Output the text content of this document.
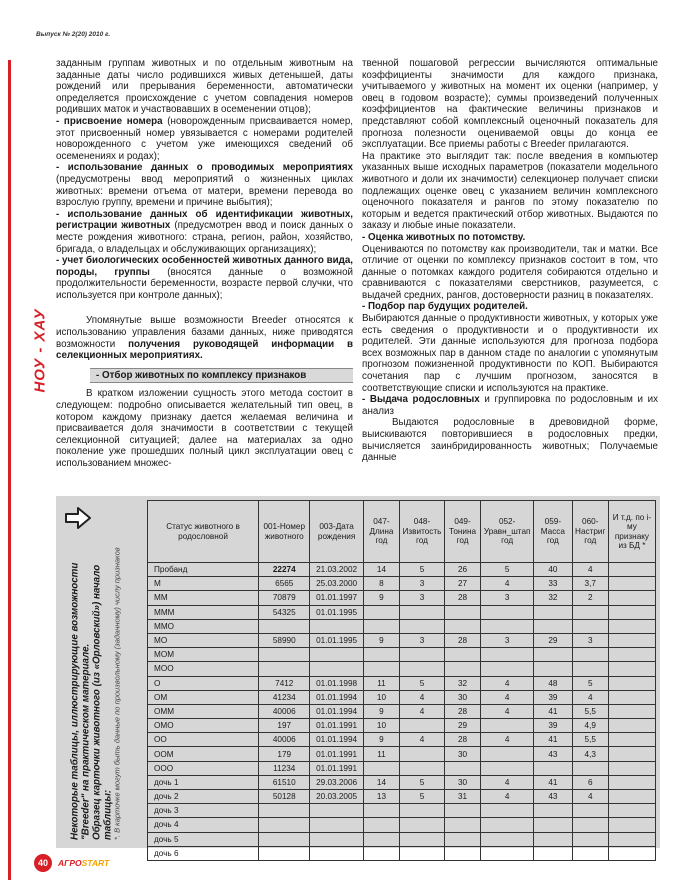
Выпуск № 2(20) 2010 г.
НОУ - ХАУ

заданным группам животных и по отдельным животным на заданные даты число родившихся живых детенышей, даты рождений или прерывания беременности, автоматически определяется происхождение с учетом совпадения номеров родивших маток и участвовавших в осеменении отцов);

- присвоение номера (новорожденным присваивается номер, этот присвоенный номер увязывается с номерами родителей новорожденного с учетом уже имеющихся сведений об осеменениях и родах);

- использование данных о проводимых мероприятиях (предусмотрены ввод мероприятий о жизненных циклах животных: времени отъема от матери, времени перевода во взрослую группу, времени и причине выбытия);

- использование данных об идентификации животных, регистрации животных (предусмотрен ввод и поиск данных о месте рождения животного: страна, регион, район, хозяйство, бригада, о владельцах и обслуживающих организациях);

- учет биологических особенностей животных данного вида, породы, группы (вносятся данные о возможной продолжительности беременности, возрасте первой случки, что используется при контроле данных);

Упомянутые выше возможности Breeder относятся к использованию управления базами данных, ниже приводятся возможности получения руководящей информации в селекционных мероприятиях.

- Отбор животных по комплексу признаков

В кратком изложении сущность этого метода состоит в следующем: подробно описывается желательный тип овец, в котором каждому признаку дается желаемая величина и присваивается доля значимости в соответствии с текущей селекционной ситуацией; далее на материалах за одно поколение уже прошедших полный цикл эксплуатации овец с использованием множес-

твенной пошаговой регрессии вычисляются оптимальные коэффициенты значимости для каждого признака, учитываемого у животных на момент их оценки (например, у овец в годовом возрасте); суммы произведений полученных коэффициентов на фактические величины признаков и представляют собой комплексный оценочный показатель для прогноза полезности оцениваемой овцы до конца ее эксплуатации. Все приемы работы с Breeder прилагаются.

На практике это выглядит так: после введения в компьютер указанных выше исходных параметров (показатели модельного животного и доли их значимости) селекционер получает списки подлежащих оценке овец с указанием величин комплексного оценочного показателя и рангов по этому показателю по которым и ведется практический отбор животных. Выдаются по заказу и любые иные показатели.

- Оценка животных по потомству.

Оцениваются по потомству как производители, так и матки. Все отличие от оценки по комплексу признаков состоит в том, что данные о потомках каждого родителя собираются отдельно и сравниваются с показателями сверстников, разумеется, с выдачей средних, рангов, достоверности разниц в показателях.

- Подбор пар будущих родителей.

Выбираются данные о продуктивности животных, у которых уже есть сведения о продуктивности и о продуктивности их родителей. Эти данные используются для прогноза подбора всех возможных пар в данном стаде по аналогии с упомянутым прогнозом пожизненной продуктивности по КОП. Выбираются сочетания пар с лучшим прогнозом, заносятся в соответствующие списки и используются на практике.

- Выдача родословных и группировка по родословным и их анализ

Выдаются родословные в древовидной форме, выискиваются повторившиеся в родословных предки, вычисляется заинбридированность животных; Получаемые данные

Некоторые таблицы, иллюстрирующие возможности "Breeder" на практическом материале. Образец карточки животного (из «Орловский») начало таблицы: *. В карточке могут быть данные по произвольному (заданному) числу признаков
Статус животного в родословной	001-Номер животного	003-Дата рождения	047-Длина год	048-Извитость год	049-Тонина год	052-Уравн_штап год	059-Масса год	060-Настриг год	И т.д. по i-му признаку из БД *
Пробанд	22274	21.03.2002	14	5	26	5	40	4	
М	6565	25.03.2000	8	3	27	4	33	3,7	
ММ	70879	01.01.1997	9	3	28	3	32	2	
МММ	54325	01.01.1995							
ММО									
МО	58990	01.01.1995	9	3	28	3	29	3	
МОМ									
МОО									
О	7412	01.01.1998	11	5	32	4	48	5	
ОМ	41234	01.01.1994	10	4	30	4	39	4	
ОММ	40006	01.01.1994	9	4	28	4	41	5,5	
ОМО	197	01.01.1991	10		29		39	4,9	
ОО	40006	01.01.1994	9	4	28	4	41	5,5	
ООМ	179	01.01.1991	11		30		43	4,3	
ООО	11234	01.01.1991							
дочь 1	61510	29.03.2006	14	5	30	4	41	6	
дочь 2	50128	20.03.2005	13	5	31	4	43	4	
дочь 3									
дочь 4									
дочь 5									
дочь 6									
40	АГРОSTART
